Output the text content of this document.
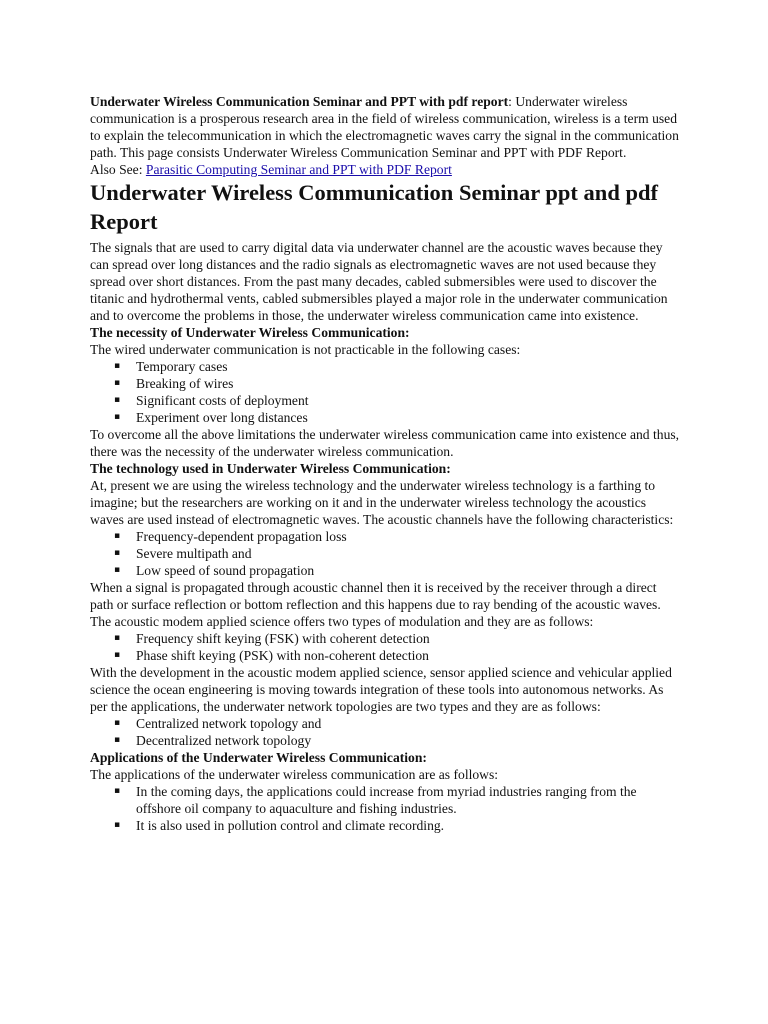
Underwater Wireless Communication Seminar and PPT with pdf report: Underwater wireless communication is a prosperous research area in the field of wireless communication, wireless is a term used to explain the telecommunication in which the electromagnetic waves carry the signal in the communication path. This page consists Underwater Wireless Communication Seminar and PPT with PDF Report.

Also See: Parasitic Computing Seminar and PPT with PDF Report

Underwater Wireless Communication Seminar ppt and pdf Report

The signals that are used to carry digital data via underwater channel are the acoustic waves because they can spread over long distances and the radio signals as electromagnetic waves are not used because they spread over short distances. From the past many decades, cabled submersibles were used to discover the titanic and hydrothermal vents, cabled submersibles played a major role in the underwater communication and to overcome the problems in those, the underwater wireless communication came into existence.

The necessity of Underwater Wireless Communication:

The wired underwater communication is not practicable in the following cases:

▪ Temporary cases
▪ Breaking of wires
▪ Significant costs of deployment
▪ Experiment over long distances

To overcome all the above limitations the underwater wireless communication came into existence and thus, there was the necessity of the underwater wireless communication.

The technology used in Underwater Wireless Communication:

At, present we are using the wireless technology and the underwater wireless technology is a farthing to imagine; but the researchers are working on it and in the underwater wireless technology the acoustics waves are used instead of electromagnetic waves. The acoustic channels have the following characteristics:

▪ Frequency-dependent propagation loss
▪ Severe multipath and
▪ Low speed of sound propagation

When a signal is propagated through acoustic channel then it is received by the receiver through a direct path or surface reflection or bottom reflection and this happens due to ray bending of the acoustic waves. The acoustic modem applied science offers two types of modulation and they are as follows:

▪ Frequency shift keying (FSK) with coherent detection
▪ Phase shift keying (PSK) with non-coherent detection

With the development in the acoustic modem applied science, sensor applied science and vehicular applied science the ocean engineering is moving towards integration of these tools into autonomous networks. As per the applications, the underwater network topologies are two types and they are as follows:

▪ Centralized network topology and
▪ Decentralized network topology

Applications of the Underwater Wireless Communication:

The applications of the underwater wireless communication are as follows:

▪ In the coming days, the applications could increase from myriad industries ranging from the offshore oil company to aquaculture and fishing industries.
▪ It is also used in pollution control and climate recording.
